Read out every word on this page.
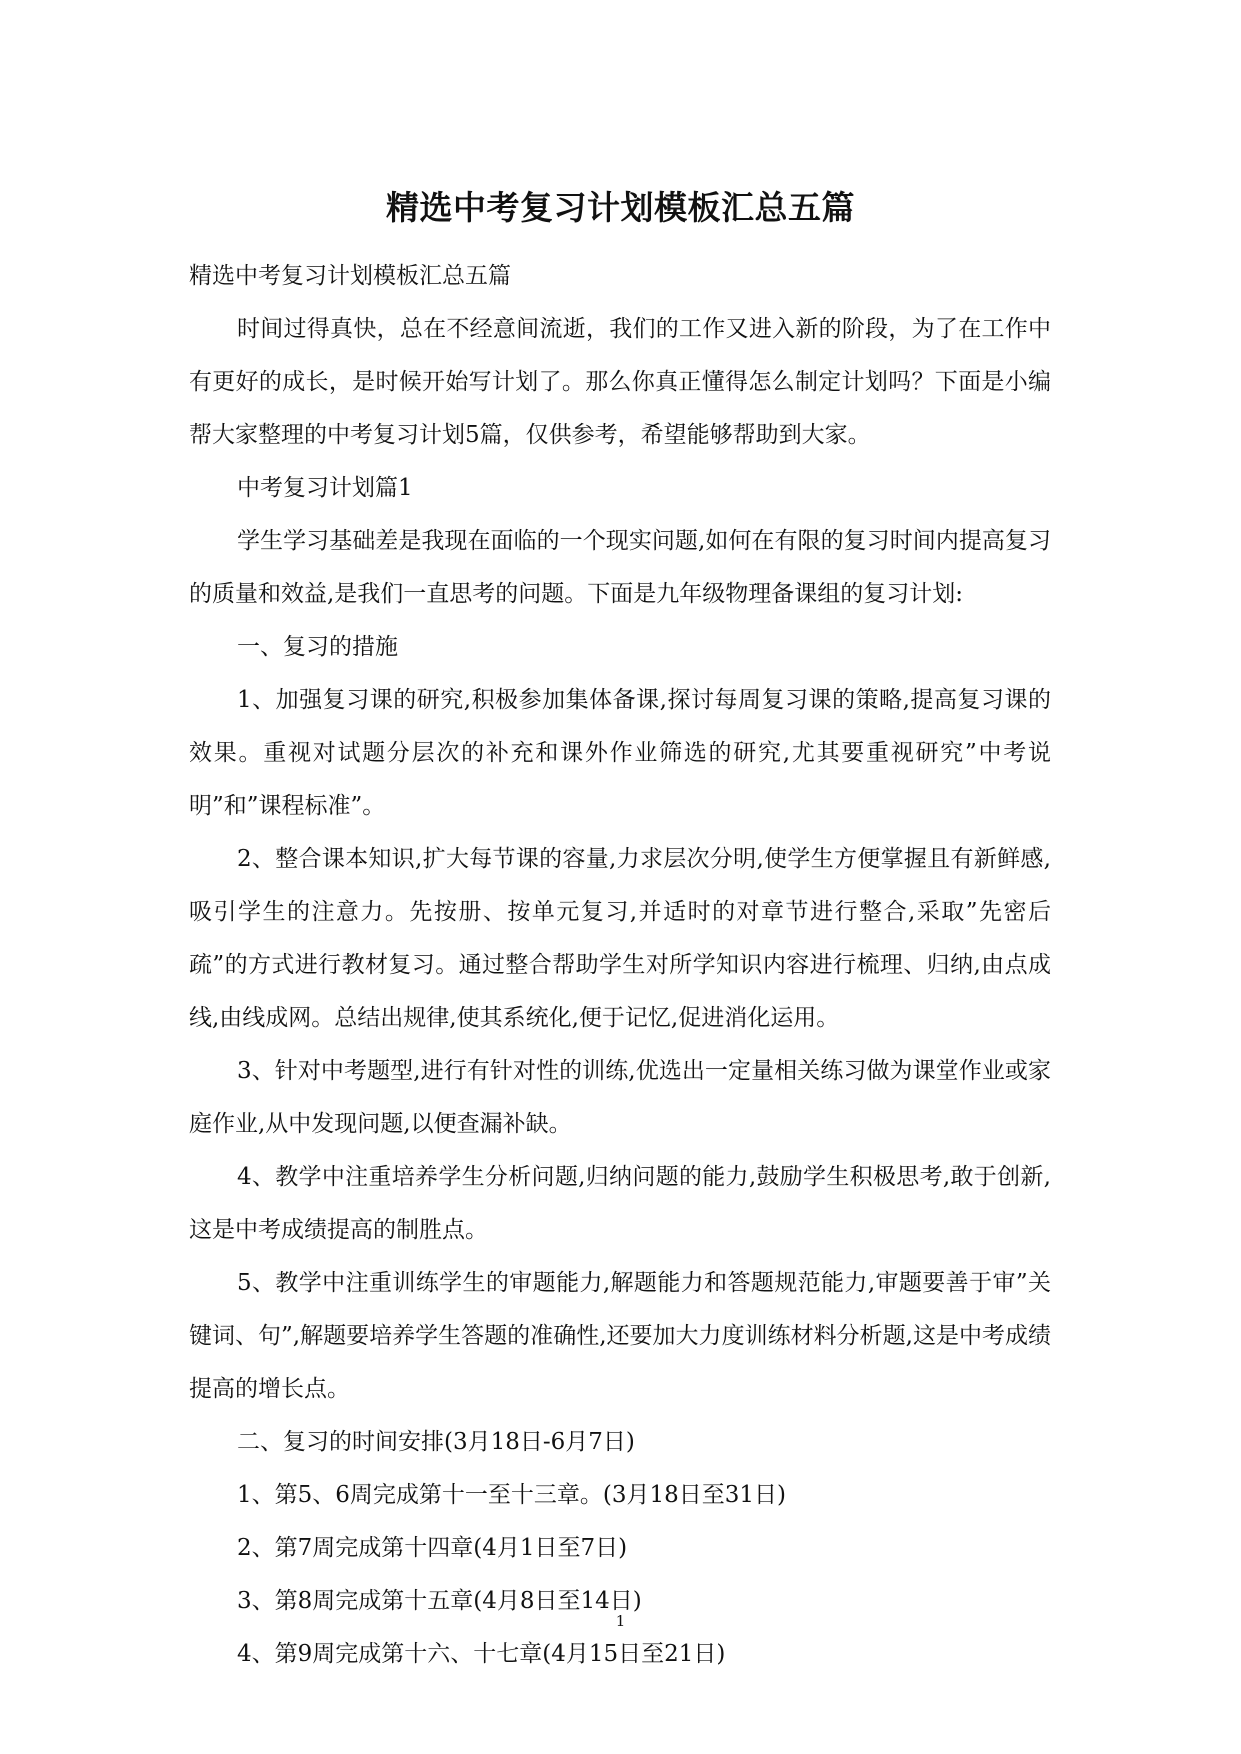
精选中考复习计划模板汇总五篇

精选中考复习计划模板汇总五篇

时间过得真快，总在不经意间流逝，我们的工作又进入新的阶段，为了在工作中有更好的成长，是时候开始写计划了。那么你真正懂得怎么制定计划吗？下面是小编帮大家整理的中考复习计划5篇，仅供参考，希望能够帮助到大家。

中考复习计划篇1

学生学习基础差是我现在面临的一个现实问题,如何在有限的复习时间内提高复习的质量和效益,是我们一直思考的问题。下面是九年级物理备课组的复习计划:

一、复习的措施

1、加强复习课的研究,积极参加集体备课,探讨每周复习课的策略,提高复习课的效果。重视对试题分层次的补充和课外作业筛选的研究,尤其要重视研究”中考说明”和”课程标准”。

2、整合课本知识,扩大每节课的容量,力求层次分明,使学生方便掌握且有新鲜感,吸引学生的注意力。先按册、按单元复习,并适时的对章节进行整合,采取”先密后疏”的方式进行教材复习。通过整合帮助学生对所学知识内容进行梳理、归纳,由点成线,由线成网。总结出规律,使其系统化,便于记忆,促进消化运用。

3、针对中考题型,进行有针对性的训练,优选出一定量相关练习做为课堂作业或家庭作业,从中发现问题,以便查漏补缺。

4、教学中注重培养学生分析问题,归纳问题的能力,鼓励学生积极思考,敢于创新,这是中考成绩提高的制胜点。

5、教学中注重训练学生的审题能力,解题能力和答题规范能力,审题要善于审”关键词、句”,解题要培养学生答题的准确性,还要加大力度训练材料分析题,这是中考成绩提高的增长点。

二、复习的时间安排(3月18日-6月7日)

1、第5、6周完成第十一至十三章。(3月18日至31日)

2、第7周完成第十四章(4月1日至7日)

3、第8周完成第十五章(4月8日至14日)

4、第9周完成第十六、十七章(4月15日至21日)

1
